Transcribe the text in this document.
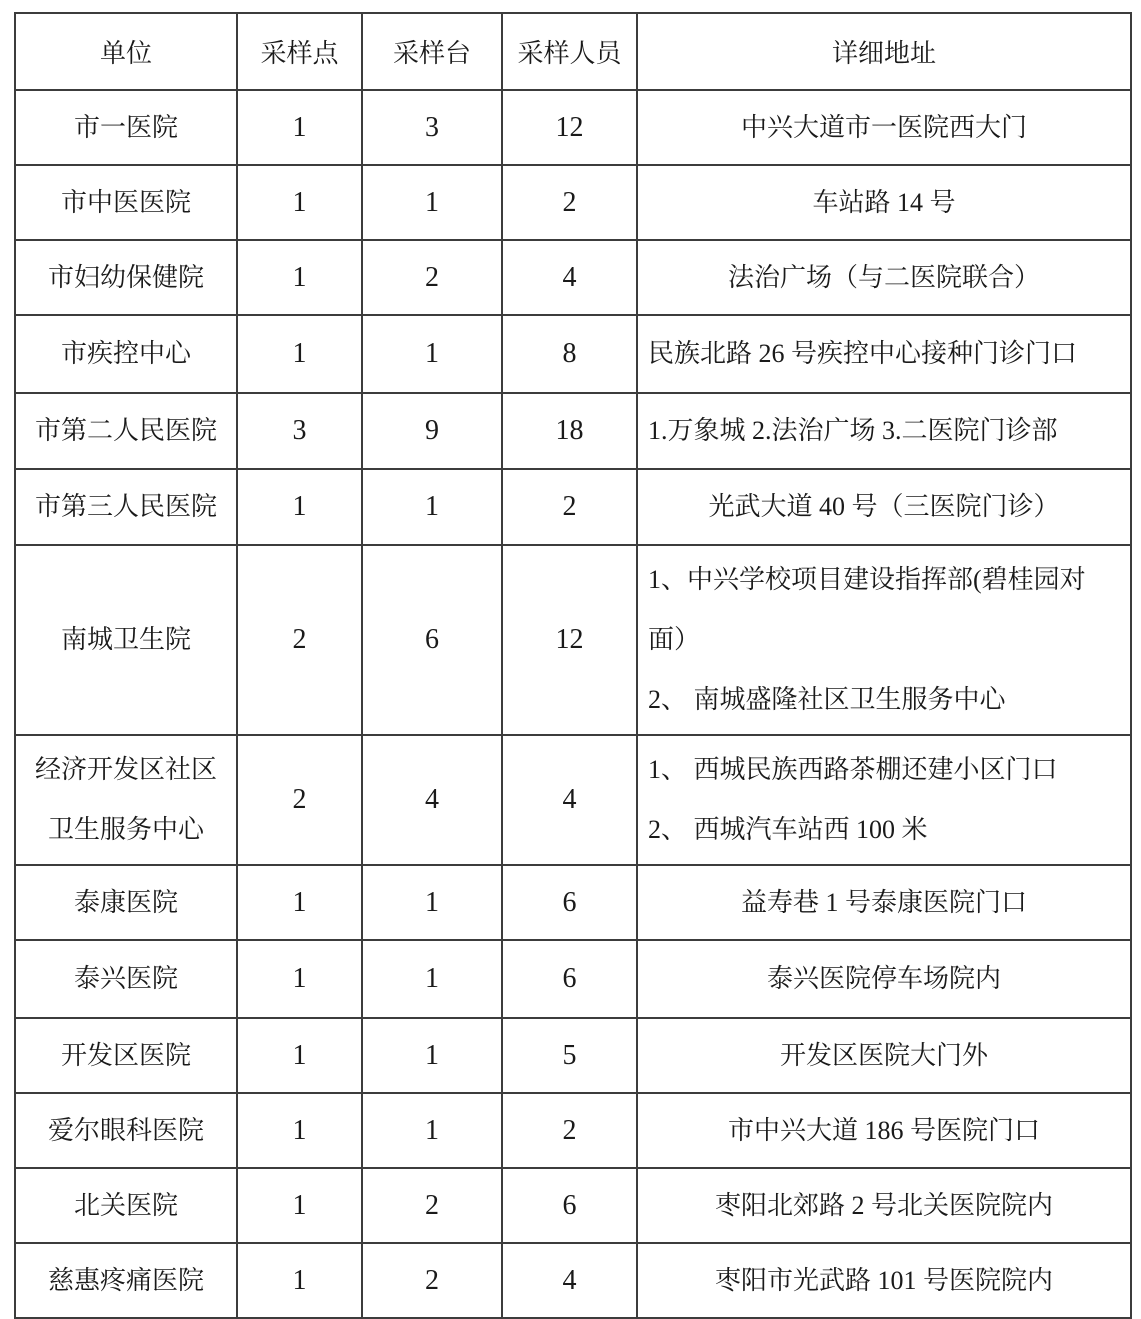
单位	采样点	采样台	采样人员	详细地址

市一医院	1	3	12	中兴大道市一医院西大门

市中医医院	1	1	2	车站路 14 号

市妇幼保健院	1	2	4	法治广场（与二医院联合）

市疾控中心	1	1	8	民族北路 26 号疾控中心接种门诊门口

市第二人民医院	3	9	18	1.万象城 2.法治广场 3.二医院门诊部

市第三人民医院	1	1	2	光武大道 40 号（三医院门诊）

南城卫生院	2	6	12	1、中兴学校项目建设指挥部(碧桂园对面）
2、 南城盛隆社区卫生服务中心

经济开发区社区
卫生服务中心	2	4	4	1、 西城民族西路茶棚还建小区门口
2、 西城汽车站西 100 米

泰康医院	1	1	6	益寿巷 1 号泰康医院门口

泰兴医院	1	1	6	泰兴医院停车场院内

开发区医院	1	1	5	开发区医院大门外

爱尔眼科医院	1	1	2	市中兴大道 186 号医院门口

北关医院	1	2	6	枣阳北郊路 2 号北关医院院内

慈惠疼痛医院	1	2	4	枣阳市光武路 101 号医院院内
